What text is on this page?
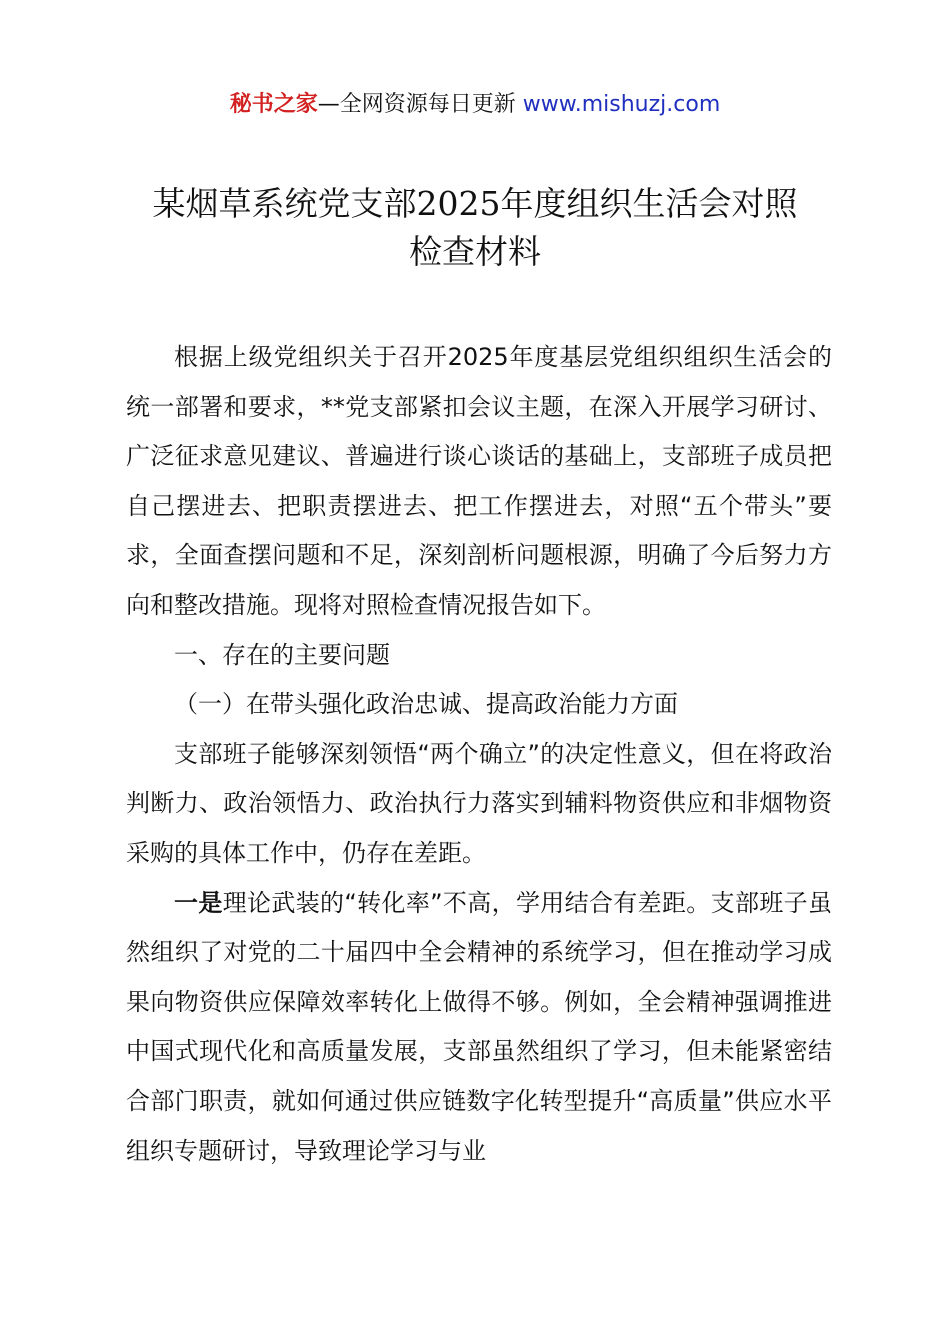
秘书之家—全网资源每日更新 www.mishuzj.com
某烟草系统党支部2025年度组织生活会对照
检查材料

根据上级党组织关于召开2025年度基层党组织组织生活会的统一部署和要求，**党支部紧扣会议主题，在深入开展学习研讨、广泛征求意见建议、普遍进行谈心谈话的基础上，支部班子成员把自己摆进去、把职责摆进去、把工作摆进去，对照“五个带头”要求，全面查摆问题和不足，深刻剖析问题根源，明确了今后努力方向和整改措施。现将对照检查情况报告如下。

一、存在的主要问题

（一）在带头强化政治忠诚、提高政治能力方面

支部班子能够深刻领悟“两个确立”的决定性意义，但在将政治判断力、政治领悟力、政治执行力落实到辅料物资供应和非烟物资采购的具体工作中，仍存在差距。

一是理论武装的“转化率”不高，学用结合有差距。支部班子虽然组织了对党的二十届四中全会精神的系统学习，但在推动学习成果向物资供应保障效率转化上做得不够。例如，全会精神强调推进中国式现代化和高质量发展，支部虽然组织了学习，但未能紧密结合部门职责，就如何通过供应链数字化转型提升“高质量”供应水平组织专题研讨，导致理论学习与业
